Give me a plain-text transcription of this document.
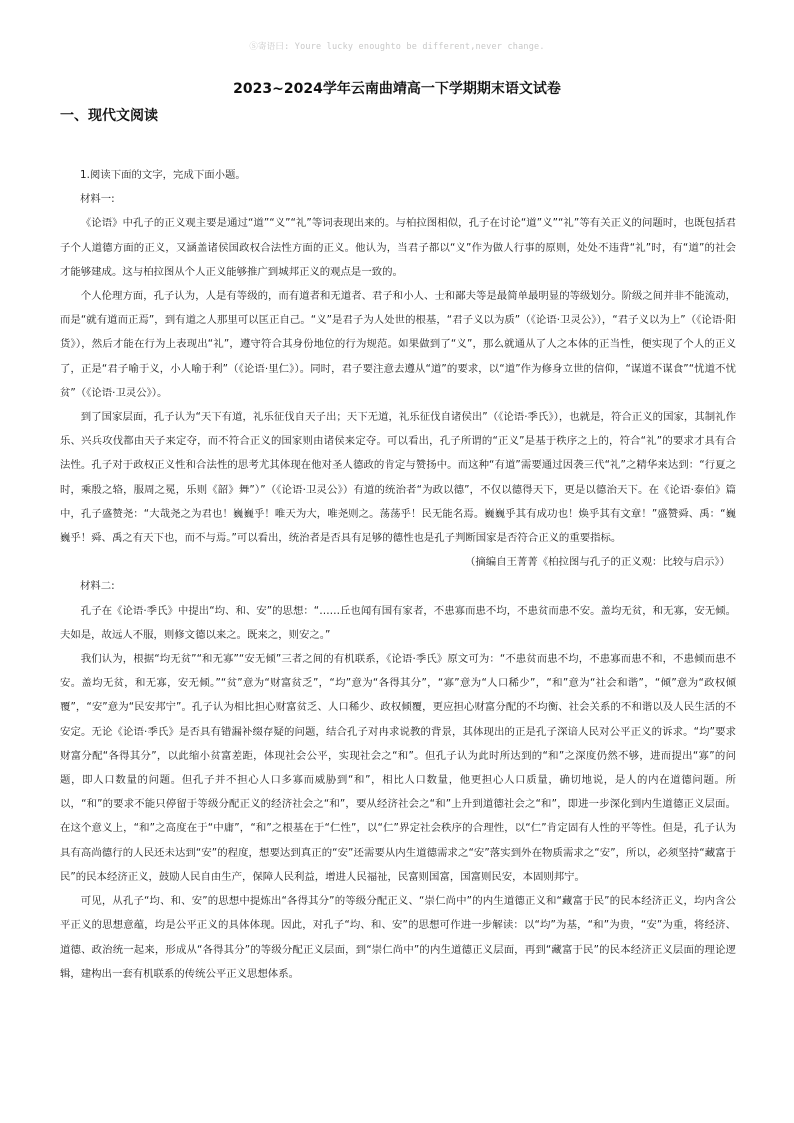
Ⓢ寄语曰: Youre lucky enoughto be different,never change.
2023~2024学年云南曲靖高一下学期期末语文试卷
一、现代文阅读

1.阅读下面的文字，完成下面小题。

材料一:

《论语》中孔子的正义观主要是通过“道”“义”“礼”等词表现出来的。与柏拉图相似，孔子在讨论“道”义”“礼”等有关正义的问题时，也既包括君子个人道德方面的正义，又涵盖诸侯国政权合法性方面的正义。他认为，当君子都以“义”作为做人行事的原则，处处不违背“礼”时，有“道”的社会才能够建成。这与柏拉图从个人正义能够推广到城邦正义的观点是一致的。

个人伦理方面，孔子认为，人是有等级的，而有道者和无道者、君子和小人、士和鄙夫等是最简单最明显的等级划分。阶级之间并非不能流动，而是“就有道而正焉”，到有道之人那里可以匡正自己。“义”是君子为人处世的根基，“君子义以为质”（《论语·卫灵公》），“君子义以为上”（《论语·阳货》），然后才能在行为上表现出“礼”，遵守符合其身份地位的行为规范。如果做到了“义”，那么就通从了人之本体的正当性，便实现了个人的正义了，正是“君子喻于义，小人喻于利”（《论语·里仁》）。同时，君子要注意去遵从“道”的要求，以“道”作为修身立世的信仰，“谋道不谋食”“忧道不忧贫”（《论语·卫灵公》）。

到了国家层面，孔子认为“天下有道，礼乐征伐自天子出；天下无道，礼乐征伐自诸侯出”（《论语·季氏》），也就是，符合正义的国家，其制礼作乐、兴兵攻伐都由天子来定夺，而不符合正义的国家则由诸侯来定夺。可以看出，孔子所谓的“正义”是基于秩序之上的，符合“礼”的要求才具有合法性。孔子对于政权正义性和合法性的思考尤其体现在他对圣人德政的肯定与赞扬中。而这种“有道”需要通过因袭三代“礼”之精华来达到：“行夏之时，乘殷之辂，服周之冕，乐则《韶》舞”）”（《论语·卫灵公》）有道的统治者“为政以德”，不仅以德得天下，更是以德治天下。在《论语·泰伯》篇中，孔子盛赞尧：“大哉尧之为君也！巍巍乎！唯天为大，唯尧则之。荡荡乎！民无能名焉。巍巍乎其有成功也！焕乎其有文章！”盛赞舜、禹：“巍巍乎！舜、禹之有天下也，而不与焉。”可以看出，统治者是否具有足够的德性也是孔子判断国家是否符合正义的重要指标。

（摘编自王菁菁《柏拉图与孔子的正义观：比较与启示》）

材料二:

孔子在《论语·季氏》中提出“均、和、安”的思想：“……丘也闻有国有家者，不患寡而患不均，不患贫而患不安。盖均无贫，和无寡，安无倾。夫如是，故远人不服，则修文德以来之。既来之，则安之。”

我们认为，根据“均无贫”“和无寡”“安无倾”三者之间的有机联系，《论语·季氏》原文可为：“不患贫而患不均，不患寡而患不和，不患倾而患不安。盖均无贫，和无寡，安无倾。”“贫”意为“财富贫乏”，“均”意为“各得其分”，“寡”意为“人口稀少”，“和”意为“社会和谐”，“倾”意为“政权倾覆”，“安”意为“民安邦宁”。孔子认为相比担心财富贫乏、人口稀少、政权倾覆，更应担心财富分配的不均衡、社会关系的不和谐以及人民生活的不安定。无论《论语·季氏》是否具有错漏补缀存疑的问题，结合孔子对冉求说教的背景，其体现出的正是孔子深谙人民对公平正义的诉求。“均”要求财富分配“各得其分”，以此缩小贫富差距，体现社会公平，实现社会之“和”。但孔子认为此时所达到的“和”之深度仍然不够，进而提出“寡”的问题，即人口数量的问题。但孔子并不担心人口多寡而威胁到“和”，相比人口数量，他更担心人口质量，确切地说，是人的内在道德问题。所以，“和”的要求不能只停留于等级分配正义的经济社会之“和”，要从经济社会之“和”上升到道德社会之“和”，即进一步深化到内生道德正义层面。在这个意义上，“和”之高度在于“中庸”，“和”之根基在于“仁性”，以“仁”界定社会秩序的合理性，以“仁”肯定固有人性的平等性。但是，孔子认为具有高尚德行的人民还未达到“安”的程度，想要达到真正的“安”还需要从内生道德需求之“安”落实到外在物质需求之“安”，所以，必须坚持“藏富于民”的民本经济正义，鼓励人民自由生产，保障人民利益，增进人民福祉，民富则国富，国富则民安，本固则邦宁。

可见，从孔子“均、和、安”的思想中提炼出“各得其分”的等级分配正义、“崇仁尚中”的内生道德正义和“藏富于民”的民本经济正义，均内含公平正义的思想意蕴，均是公平正义的具体体现。因此，对孔子“均、和、安”的思想可作进一步解读：以“均”为基，“和”为贵，“安”为重，将经济、道德、政治统一起来，形成从“各得其分”的等级分配正义层面，到“崇仁尚中”的内生道德正义层面，再到“藏富于民”的民本经济正义层面的理论逻辑，建构出一套有机联系的传统公平正义思想体系。
